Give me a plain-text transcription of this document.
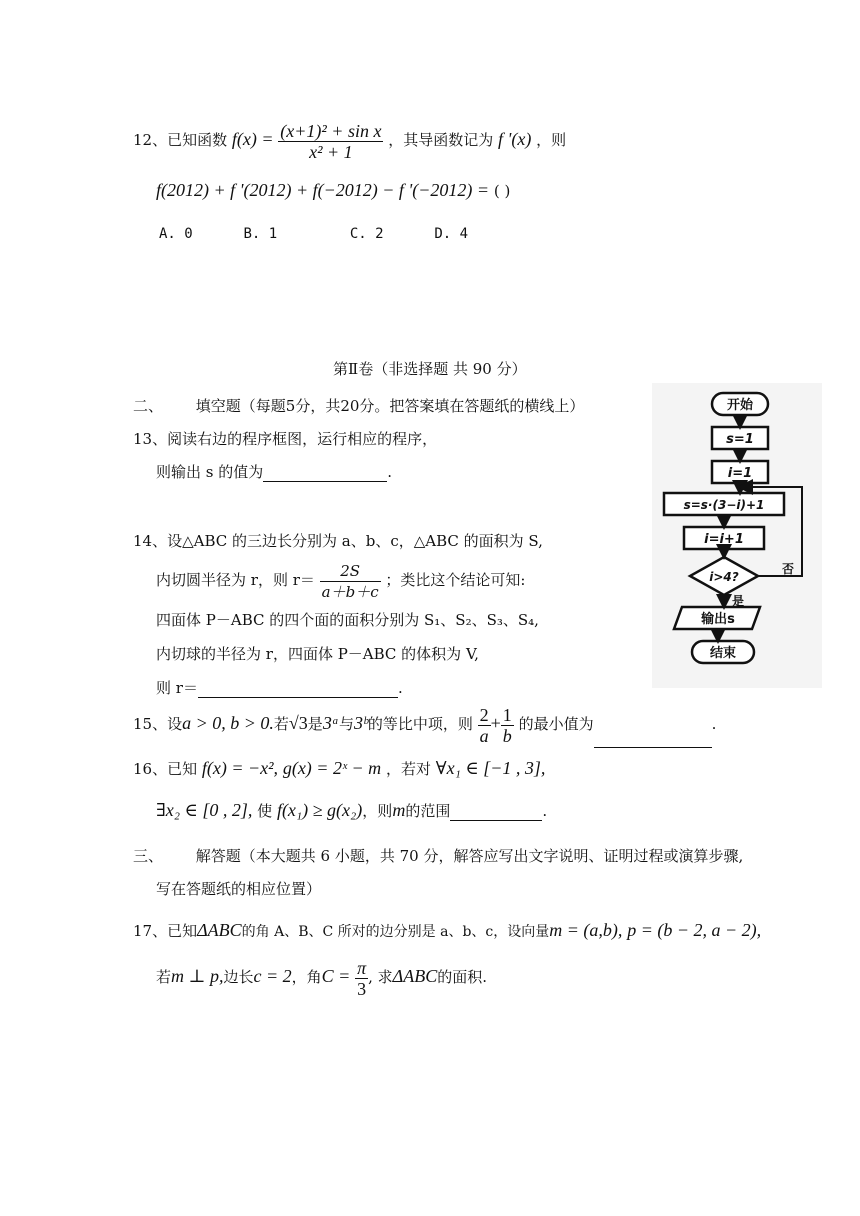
12、已知函数 $f(x) = \frac{\text{(x+1)² + sin x}}{\text{x² + 1}}$ ，其导函数记为 f '(x) ，则
f(2012) + f '(2012) + f(−2012) − f '(−2012) = ( )
A. 0	B. 1	C. 2	D. 4
第Ⅱ卷（非选择题 共 90 分）
二、 填空题（每题5分，共20分。把答案填在答题纸的横线上）
13、阅读右边的程序框图，运行相应的程序，
则输出 s 的值为	.
14、设△ABC 的三边长分别为 a、b、c，△ABC 的面积为 S,
内切圆半径为 r，则 $r= \frac{2S}{a+b+c}$ ；类比这个结论可知:
四面体 P－ABC 的四个面的面积分别为 S₁、S₂、S₃、S₄,
内切球的半径为 r，四面体 P－ABC 的体积为 V,
则 r＝	.
开始
s=1
i=1
s=s·(3−i)+1
i=i+1
i>4?
是
否
输出s
结束
15、设a > 0, b > 0.若√3是3ᵃ与3ᵇ的等比中项，则 $\frac{2}{a} + \frac{1}{b}$ 的最小值为	.
16、已知 f(x) = −x², g(x) = 2ˣ − m ，若对 ∀x₁ ∈ [−1 , 3],
∃x₂ ∈ [0 , 2], 使 f(x₁) ≥ g(x₂)，则m的范围	.
三、 解答题（本大题共 6 小题，共 70 分，解答应写出文字说明、证明过程或演算步骤,
写在答题纸的相应位置）
17、已知ΔABC的角 A、B、C 所对的边分别是 a、b、c，设向量m = (a,b), p = (b − 2, a − 2),
若m ⊥ p,边长c = 2，角$C = \frac{\pi}{3}$ , 求ΔABC的面积.
